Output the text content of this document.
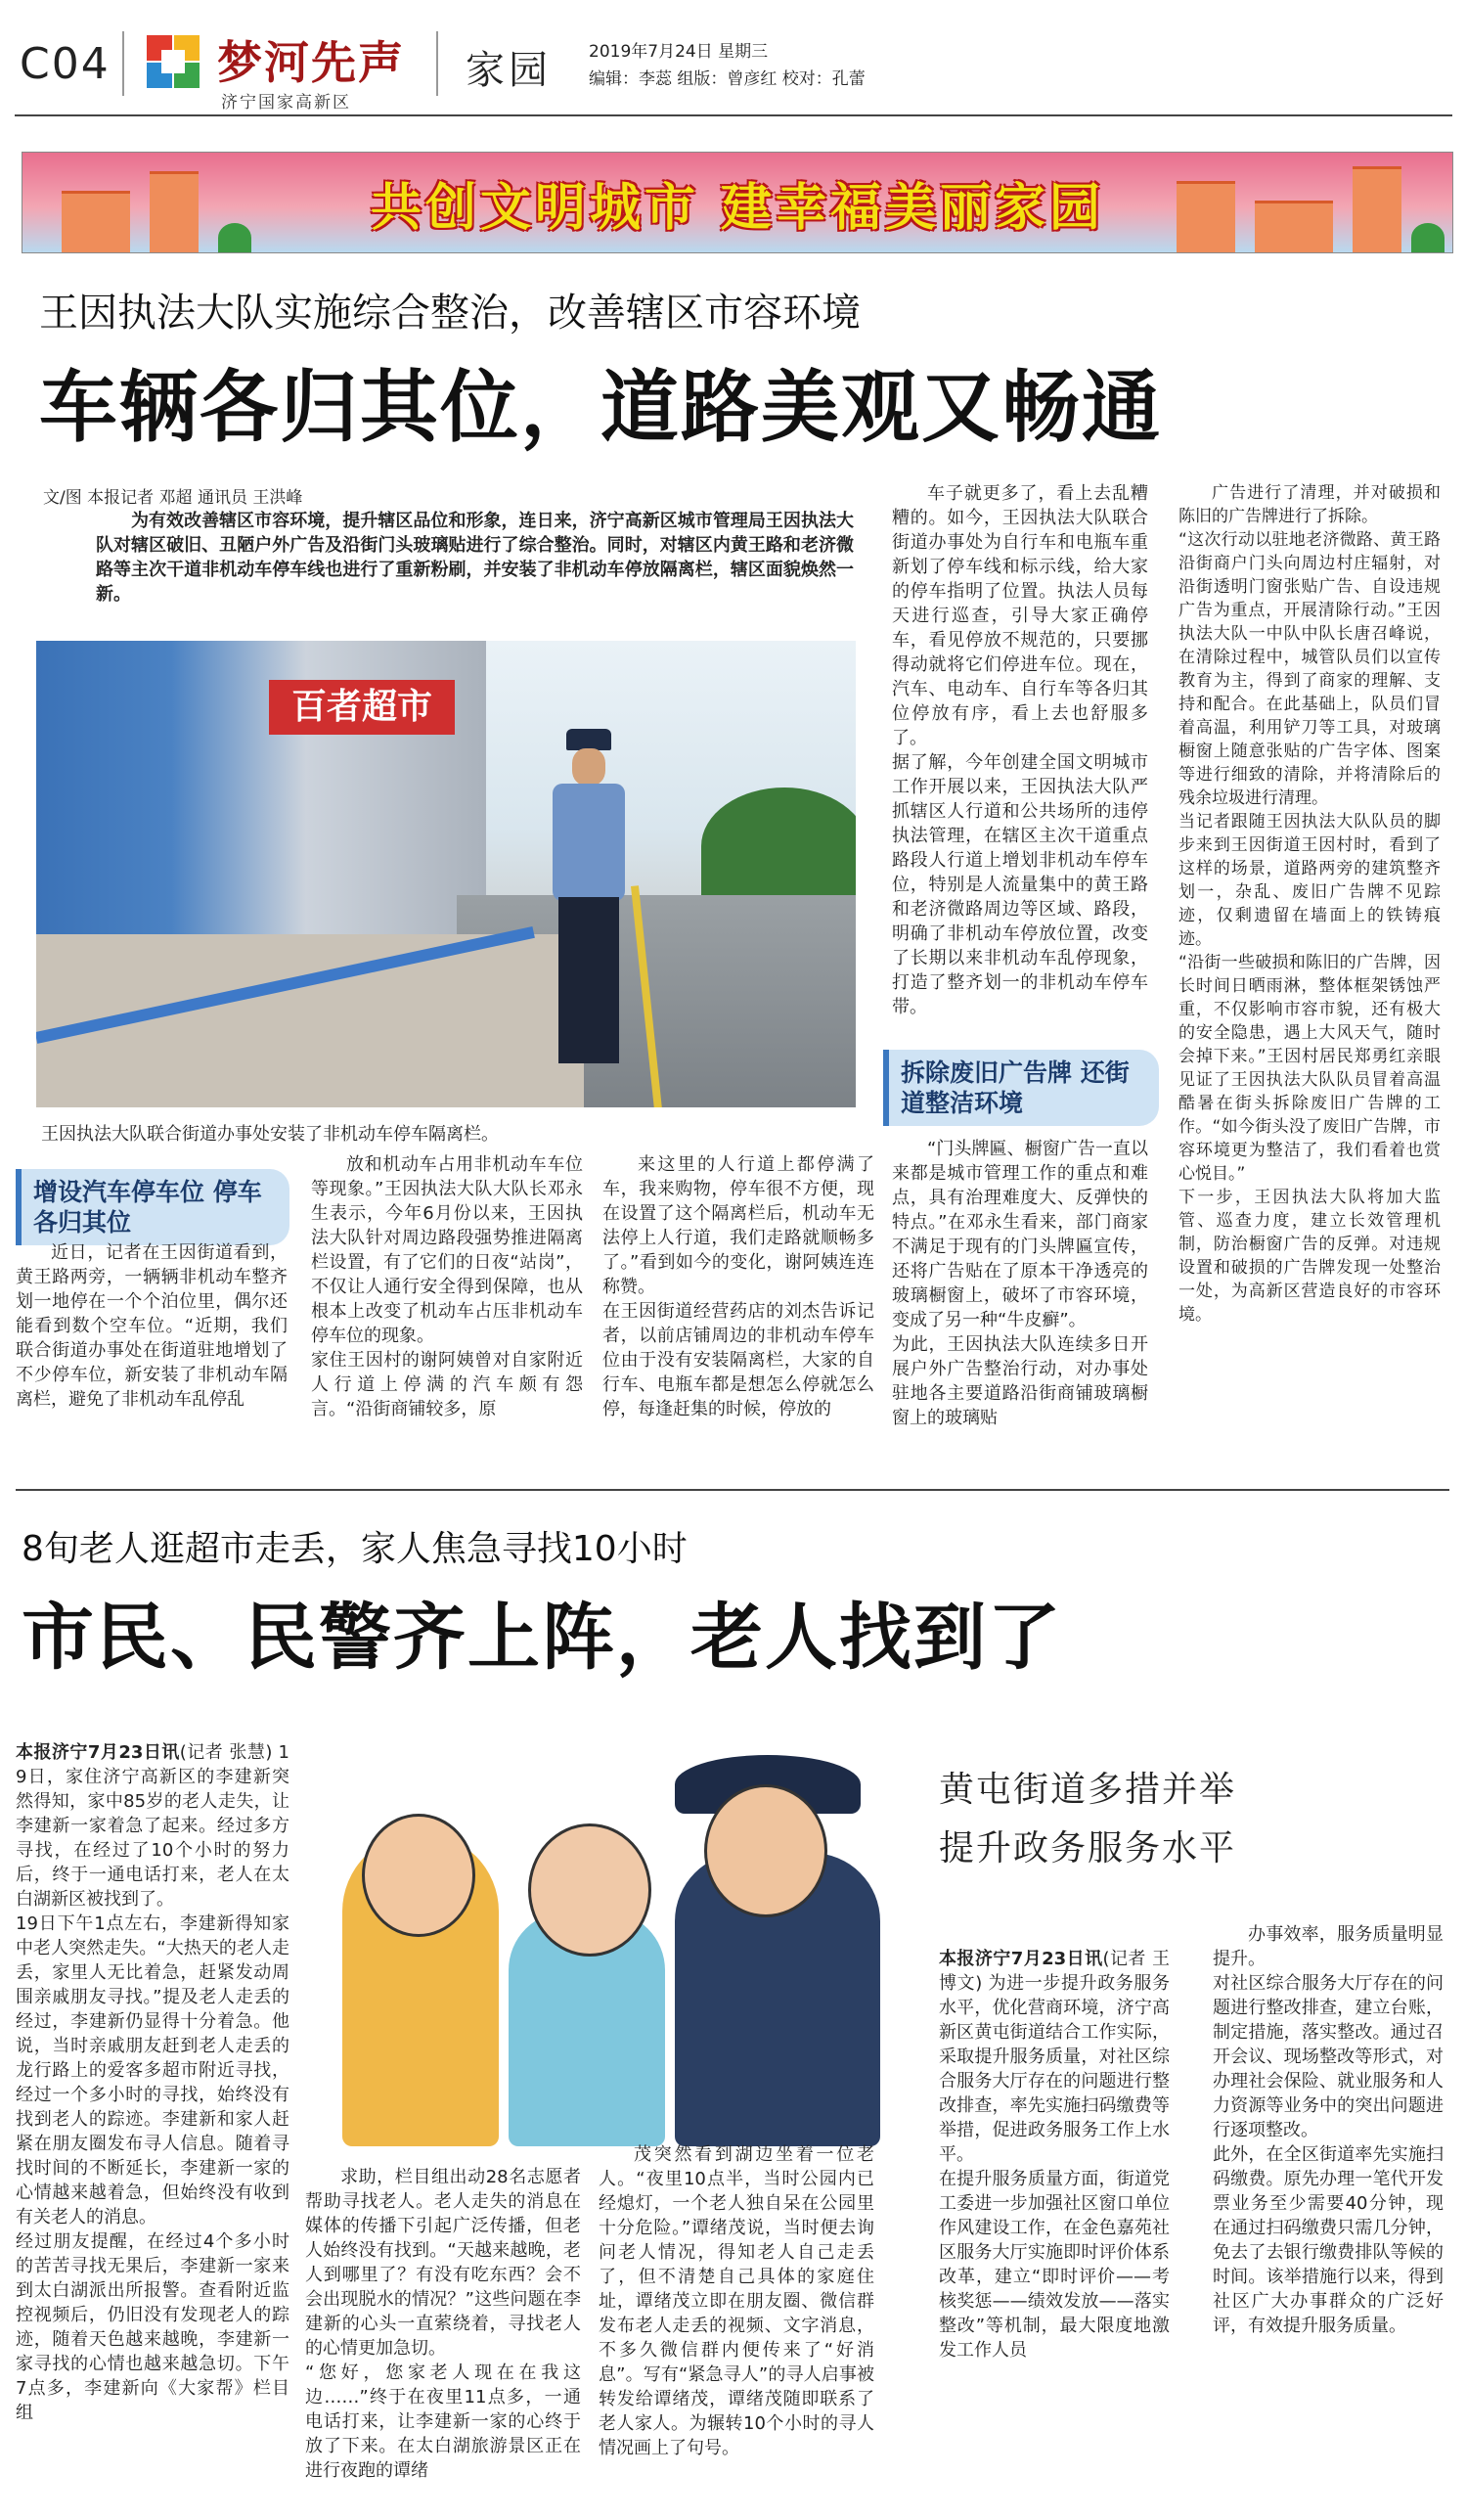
C04 梦河先声
济宁国家高新区
家园 2019年7月24日 星期三
编辑：李蕊 组版：曾彦红 校对：孔蕾
共创文明城市 建幸福美丽家园
王因执法大队实施综合整治，改善辖区市容环境
车辆各归其位，道路美观又畅通
文/图 本报记者 邓超 通讯员 王洪峰
为有效改善辖区市容环境，提升辖区品位和形象，连日来，济宁高新区城市管理局王因执法大队对辖区破旧、丑陋户外广告及沿街门头玻璃贴进行了综合整治。同时，对辖区内黄王路和老济微路等主次干道非机动车停车线也进行了重新粉刷，并安装了非机动车停放隔离栏，辖区面貌焕然一新。
百者超市
王因执法大队联合街道办事处安装了非机动车停车隔离栏。
增设汽车停车位 停车各归其位
近日，记者在王因街道看到，黄王路两旁，一辆辆非机动车整齐划一地停在一个个泊位里，偶尔还能看到数个空车位。“近期，我们联合街道办事处在街道驻地增划了不少停车位，新安装了非机动车隔离栏，避免了非机动车乱停乱
放和机动车占用非机动车车位等现象。”王因执法大队大队长邓永生表示，今年6月份以来，王因执法大队针对周边路段强势推进隔离栏设置，有了它们的日夜“站岗”，不仅让人通行安全得到保障，也从根本上改变了机动车占压非机动车停车位的现象。
家住王因村的谢阿姨曾对自家附近人行道上停满的汽车颇有怨言。“沿街商铺较多，原
来这里的人行道上都停满了车，我来购物，停车很不方便，现在设置了这个隔离栏后，机动车无法停上人行道，我们走路就顺畅多了。”看到如今的变化，谢阿姨连连称赞。
在王因街道经营药店的刘杰告诉记者，以前店铺周边的非机动车停车位由于没有安装隔离栏，大家的自行车、电瓶车都是想怎么停就怎么停，每逢赶集的时候，停放的
车子就更多了，看上去乱糟糟的。如今，王因执法大队联合街道办事处为自行车和电瓶车重新划了停车线和标示线，给大家的停车指明了位置。执法人员每天进行巡查，引导大家正确停车，看见停放不规范的，只要挪得动就将它们停进车位。现在，汽车、电动车、自行车等各归其位停放有序，看上去也舒服多了。
据了解，今年创建全国文明城市工作开展以来，王因执法大队严抓辖区人行道和公共场所的违停执法管理，在辖区主次干道重点路段人行道上增划非机动车停车位，特别是人流量集中的黄王路和老济微路周边等区域、路段，明确了非机动车停放位置，改变了长期以来非机动车乱停现象，打造了整齐划一的非机动车停车带。
拆除废旧广告牌 还街道整洁环境
“门头牌匾、橱窗广告一直以来都是城市管理工作的重点和难点，具有治理难度大、反弹快的特点。”在邓永生看来，部门商家不满足于现有的门头牌匾宣传，还将广告贴在了原本干净透亮的玻璃橱窗上，破坏了市容环境，变成了另一种“牛皮癣”。
为此，王因执法大队连续多日开展户外广告整治行动，对办事处驻地各主要道路沿街商铺玻璃橱窗上的玻璃贴
广告进行了清理，并对破损和陈旧的广告牌进行了拆除。
“这次行动以驻地老济微路、黄王路沿街商户门头向周边村庄辐射，对沿街透明门窗张贴广告、自设违规广告为重点，开展清除行动。”王因执法大队一中队中队长唐召峰说，在清除过程中，城管队员们以宣传教育为主，得到了商家的理解、支持和配合。在此基础上，队员们冒着高温，利用铲刀等工具，对玻璃橱窗上随意张贴的广告字体、图案等进行细致的清除，并将清除后的残余垃圾进行清理。
当记者跟随王因执法大队队员的脚步来到王因街道王因村时，看到了这样的场景，道路两旁的建筑整齐划一，杂乱、废旧广告牌不见踪迹，仅剩遗留在墙面上的铁铸痕迹。
“沿街一些破损和陈旧的广告牌，因长时间日晒雨淋，整体框架锈蚀严重，不仅影响市容市貌，还有极大的安全隐患，遇上大风天气，随时会掉下来。”王因村居民郑勇红亲眼见证了王因执法大队队员冒着高温酷暑在街头拆除废旧广告牌的工作。“如今街头没了废旧广告牌，市容环境更为整洁了，我们看着也赏心悦目。”
下一步，王因执法大队将加大监管、巡查力度，建立长效管理机制，防治橱窗广告的反弹。对违规设置和破损的广告牌发现一处整治一处，为高新区营造良好的市容环境。
8旬老人逛超市走丢，家人焦急寻找10小时
市民、民警齐上阵，老人找到了

本报济宁7月23日讯(记者 张慧) 19日，家住济宁高新区的李建新突然得知，家中85岁的老人走失，让李建新一家着急了起来。经过多方寻找，在经过了10个小时的努力后，终于一通电话打来，老人在太白湖新区被找到了。
19日下午1点左右，李建新得知家中老人突然走失。“大热天的老人走丢，家里人无比着急，赶紧发动周围亲戚朋友寻找。”提及老人走丢的经过，李建新仍显得十分着急。他说，当时亲戚朋友赶到老人走丢的龙行路上的爱客多超市附近寻找，经过一个多小时的寻找，始终没有找到老人的踪迹。李建新和家人赶紧在朋友圈发布寻人信息。随着寻找时间的不断延长，李建新一家的心情越来越着急，但始终没有收到有关老人的消息。
经过朋友提醒，在经过4个多小时的苦苦寻找无果后，李建新一家来到太白湖派出所报警。查看附近监控视频后，仍旧没有发现老人的踪迹，随着天色越来越晚，李建新一家寻找的心情也越来越急切。下午7点多，李建新向《大家帮》栏目组

求助，栏目组出动28名志愿者帮助寻找老人。老人走失的消息在媒体的传播下引起广泛传播，但老人始终没有找到。“天越来越晚，老人到哪里了？有没有吃东西？会不会出现脱水的情况？”这些问题在李建新的心头一直萦绕着，寻找老人的心情更加急切。
“您好，您家老人现在在我这边……”终于在夜里11点多，一通电话打来，让李建新一家的心终于放了下来。在太白湖旅游景区正在进行夜跑的谭绪
茂突然看到湖边坐着一位老人。“夜里10点半，当时公园内已经熄灯，一个老人独自呆在公园里十分危险。”谭绪茂说，当时便去询问老人情况，得知老人自己走丢了，但不清楚自己具体的家庭住址，谭绪茂立即在朋友圈、微信群发布老人走丢的视频、文字消息，不多久微信群内便传来了“好消息”。写有“紧急寻人”的寻人启事被转发给谭绪茂，谭绪茂随即联系了老人家人。为辗转10个小时的寻人情况画上了句号。
黄屯街道多措并举
提升政务服务水平

本报济宁7月23日讯(记者 王博文) 为进一步提升政务服务水平，优化营商环境，济宁高新区黄屯街道结合工作实际，采取提升服务质量，对社区综合服务大厅存在的问题进行整改排查，率先实施扫码缴费等举措，促进政务服务工作上水平。
在提升服务质量方面，街道党工委进一步加强社区窗口单位作风建设工作，在金色嘉苑社区服务大厅实施即时评价体系改革，建立“即时评价——考核奖惩——绩效发放——落实整改”等机制，最大限度地激发工作人员

办事效率，服务质量明显提升。
对社区综合服务大厅存在的问题进行整改排查，建立台账，制定措施，落实整改。通过召开会议、现场整改等形式，对办理社会保险、就业服务和人力资源等业务中的突出问题进行逐项整改。
此外，在全区街道率先实施扫码缴费。原先办理一笔代开发票业务至少需要40分钟，现在通过扫码缴费只需几分钟，免去了去银行缴费排队等候的时间。该举措施行以来，得到社区广大办事群众的广泛好评，有效提升服务质量。
